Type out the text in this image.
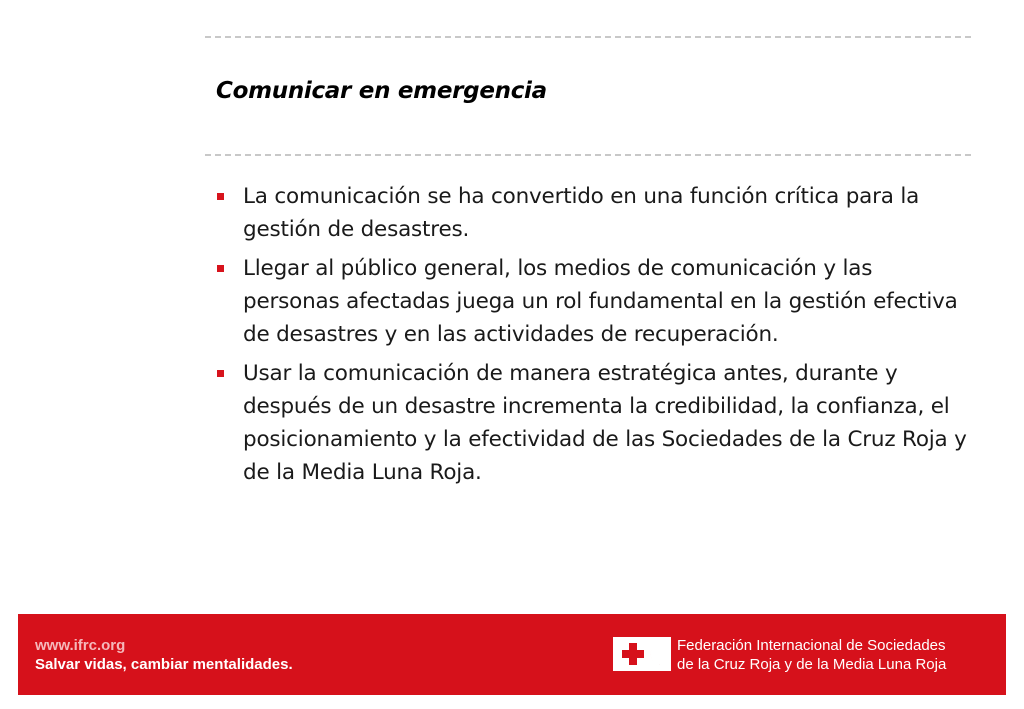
Comunicar en emergencia
La comunicación se ha convertido en una función crítica para la gestión de desastres.
Llegar al público general, los medios de comunicación y las personas afectadas juega un rol fundamental en la gestión efectiva de desastres y en las actividades de recuperación.
Usar la comunicación de manera estratégica antes, durante y después de un desastre incrementa la credibilidad, la confianza, el posicionamiento y la efectividad de las Sociedades de la Cruz Roja y de la Media Luna Roja.
www.ifrc.org
Salvar vidas, cambiar mentalidades.
Federación Internacional de Sociedades
de la Cruz Roja y de la Media Luna Roja
